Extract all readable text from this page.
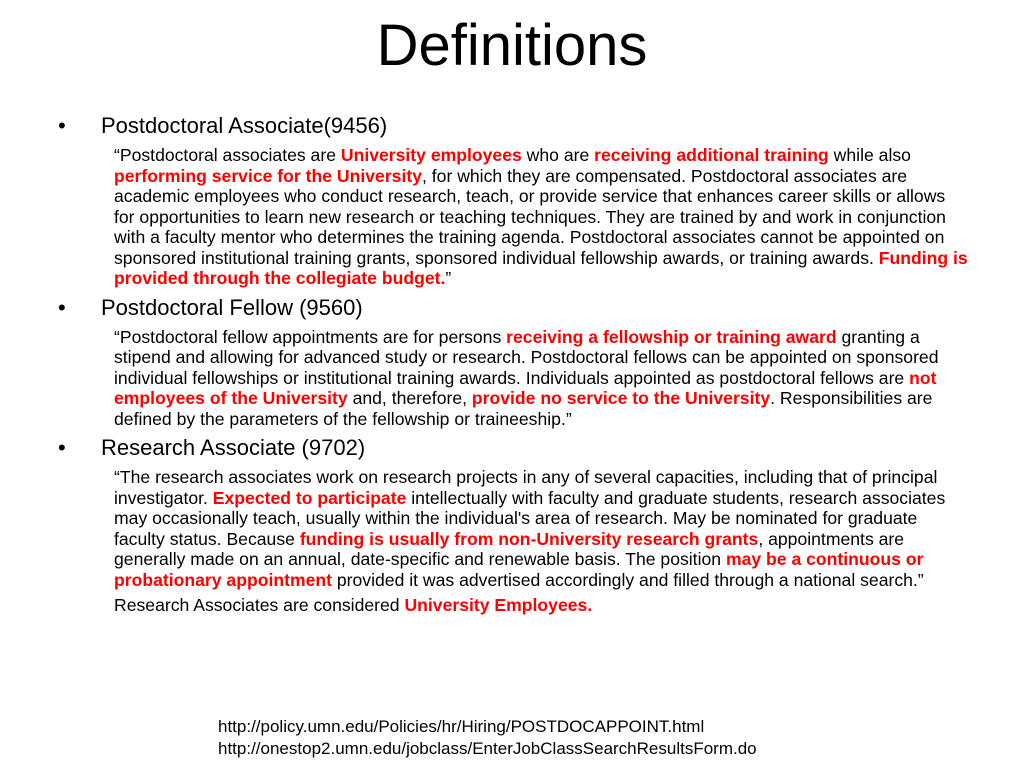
Definitions
• Postdoctoral Associate(9456)
“Postdoctoral associates are University employees who are receiving additional training while also performing service for the University, for which they are compensated. Postdoctoral associates are academic employees who conduct research, teach, or provide service that enhances career skills or allows for opportunities to learn new research or teaching techniques. They are trained by and work in conjunction with a faculty mentor who determines the training agenda. Postdoctoral associates cannot be appointed on sponsored institutional training grants, sponsored individual fellowship awards, or training awards. Funding is provided through the collegiate budget.”
• Postdoctoral Fellow (9560)
“Postdoctoral fellow appointments are for persons receiving a fellowship or training award granting a stipend and allowing for advanced study or research. Postdoctoral fellows can be appointed on sponsored individual fellowships or institutional training awards. Individuals appointed as postdoctoral fellows are not employees of the University and, therefore, provide no service to the University. Responsibilities are defined by the parameters of the fellowship or traineeship.”
• Research Associate (9702)
“The research associates work on research projects in any of several capacities, including that of principal investigator. Expected to participate intellectually with faculty and graduate students, research associates may occasionally teach, usually within the individual's area of research. May be nominated for graduate faculty status. Because funding is usually from non-University research grants, appointments are generally made on an annual, date-specific and renewable basis. The position may be a continuous or probationary appointment provided it was advertised accordingly and filled through a national search.”
Research Associates are considered University Employees.
http://policy.umn.edu/Policies/hr/Hiring/POSTDOCAPPOINT.html
http://onestop2.umn.edu/jobclass/EnterJobClassSearchResultsForm.do
